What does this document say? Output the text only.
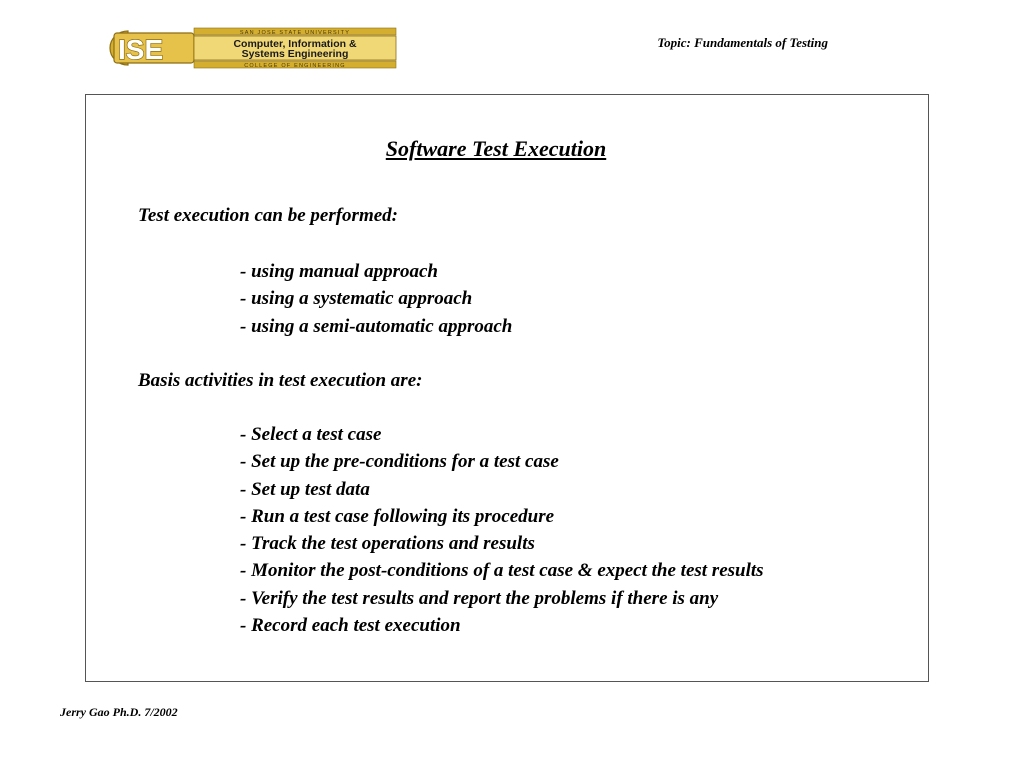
ISE
SAN JOSE STATE UNIVERSITY
Computer, Information &
Systems Engineering
COLLEGE OF ENGINEERING
Topic: Fundamentals of Testing
Software Test Execution
Test execution can be performed:
- using manual approach
- using a systematic approach
- using a semi-automatic approach
Basis activities in test execution are:
- Select a test case
- Set up the pre-conditions for a test case
- Set up test data
- Run a test case following its procedure
- Track the test operations and results
- Monitor the post-conditions of a test case & expect the test results
- Verify the test results and report the problems if there is any
- Record each test execution
Jerry Gao Ph.D. 7/2002
